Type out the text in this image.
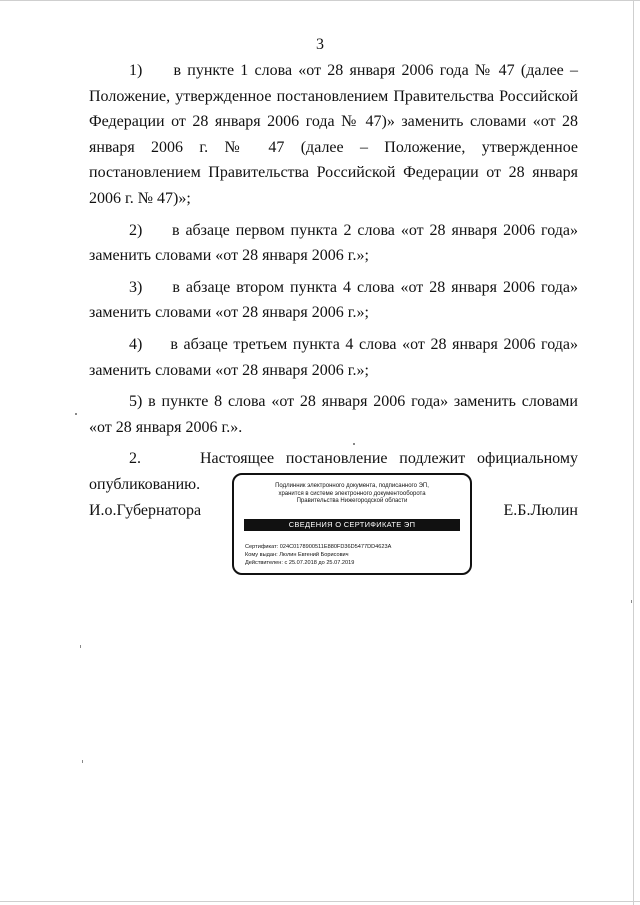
3

1)     в пункте 1 слова «от 28 января 2006 года № 47 (далее – Положение, утвержденное постановлением Правительства Российской Федерации от 28 января 2006 года № 47)» заменить словами «от 28 января 2006 г. № 47 (далее – Положение, утвержденное постановлением Правительства Российской Федерации от 28 января 2006 г. № 47)»;

2)     в абзаце первом пункта 2 слова «от 28 января 2006 года» заменить словами «от 28 января 2006 г.»;

3)     в абзаце втором пункта 4 слова «от 28 января 2006 года» заменить словами «от 28 января 2006 г.»;

4)     в абзаце третьем пункта 4 слова «от 28 января 2006 года» заменить словами «от 28 января 2006 г.»;

5) в пункте 8 слова «от 28 января 2006 года» заменить словами «от 28 января 2006 г.».

2.     Настоящее постановление подлежит официальному опубликованию.

И.о.Губернатора	Е.Б.Люлин
Подлинник электронного документа, подписанного ЭП,
хранится в системе электронного документооборота
Правительства Нижегородской области
СВЕДЕНИЯ О СЕРТИФИКАТЕ ЭП
Сертификат: 024C0178900511E880FD36D5477DD4623A
Кому выдан: Люлин Евгений Борисович
Действителен: с 25.07.2018 до 25.07.2019
